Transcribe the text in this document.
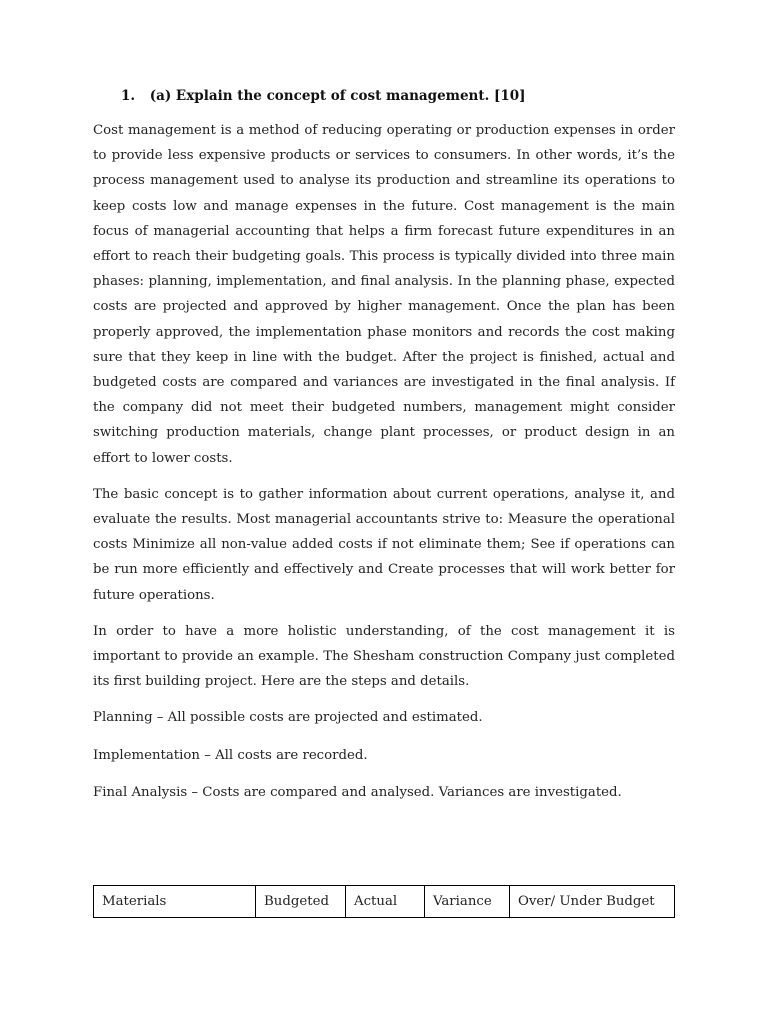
1. (a) Explain the concept of cost management. [10]

Cost management is a method of reducing operating or production expenses in order to provide less expensive products or services to consumers. In other words, it’s the process management used to analyse its production and streamline its operations to keep costs low and manage expenses in the future. Cost management is the main focus of managerial accounting that helps a firm forecast future expenditures in an effort to reach their budgeting goals. This process is typically divided into three main phases: planning, implementation, and final analysis. In the planning phase, expected costs are projected and approved by higher management. Once the plan has been properly approved, the implementation phase monitors and records the cost making sure that they keep in line with the budget. After the project is finished, actual and budgeted costs are compared and variances are investigated in the final analysis. If the company did not meet their budgeted numbers, management might consider switching production materials, change plant processes, or product design in an effort to lower costs.

The basic concept is to gather information about current operations, analyse it, and evaluate the results. Most managerial accountants strive to: Measure the operational costs Minimize all non-value added costs if not eliminate them; See if operations can be run more efficiently and effectively and Create processes that will work better for future operations.

In order to have a more holistic understanding, of the cost management it is important to provide an example. The Shesham construction Company just completed its first building project. Here are the steps and details.

Planning – All possible costs are projected and estimated.

Implementation – All costs are recorded.

Final Analysis – Costs are compared and analysed. Variances are investigated.

Materials	Budgeted	Actual	Variance	Over/ Under Budget
